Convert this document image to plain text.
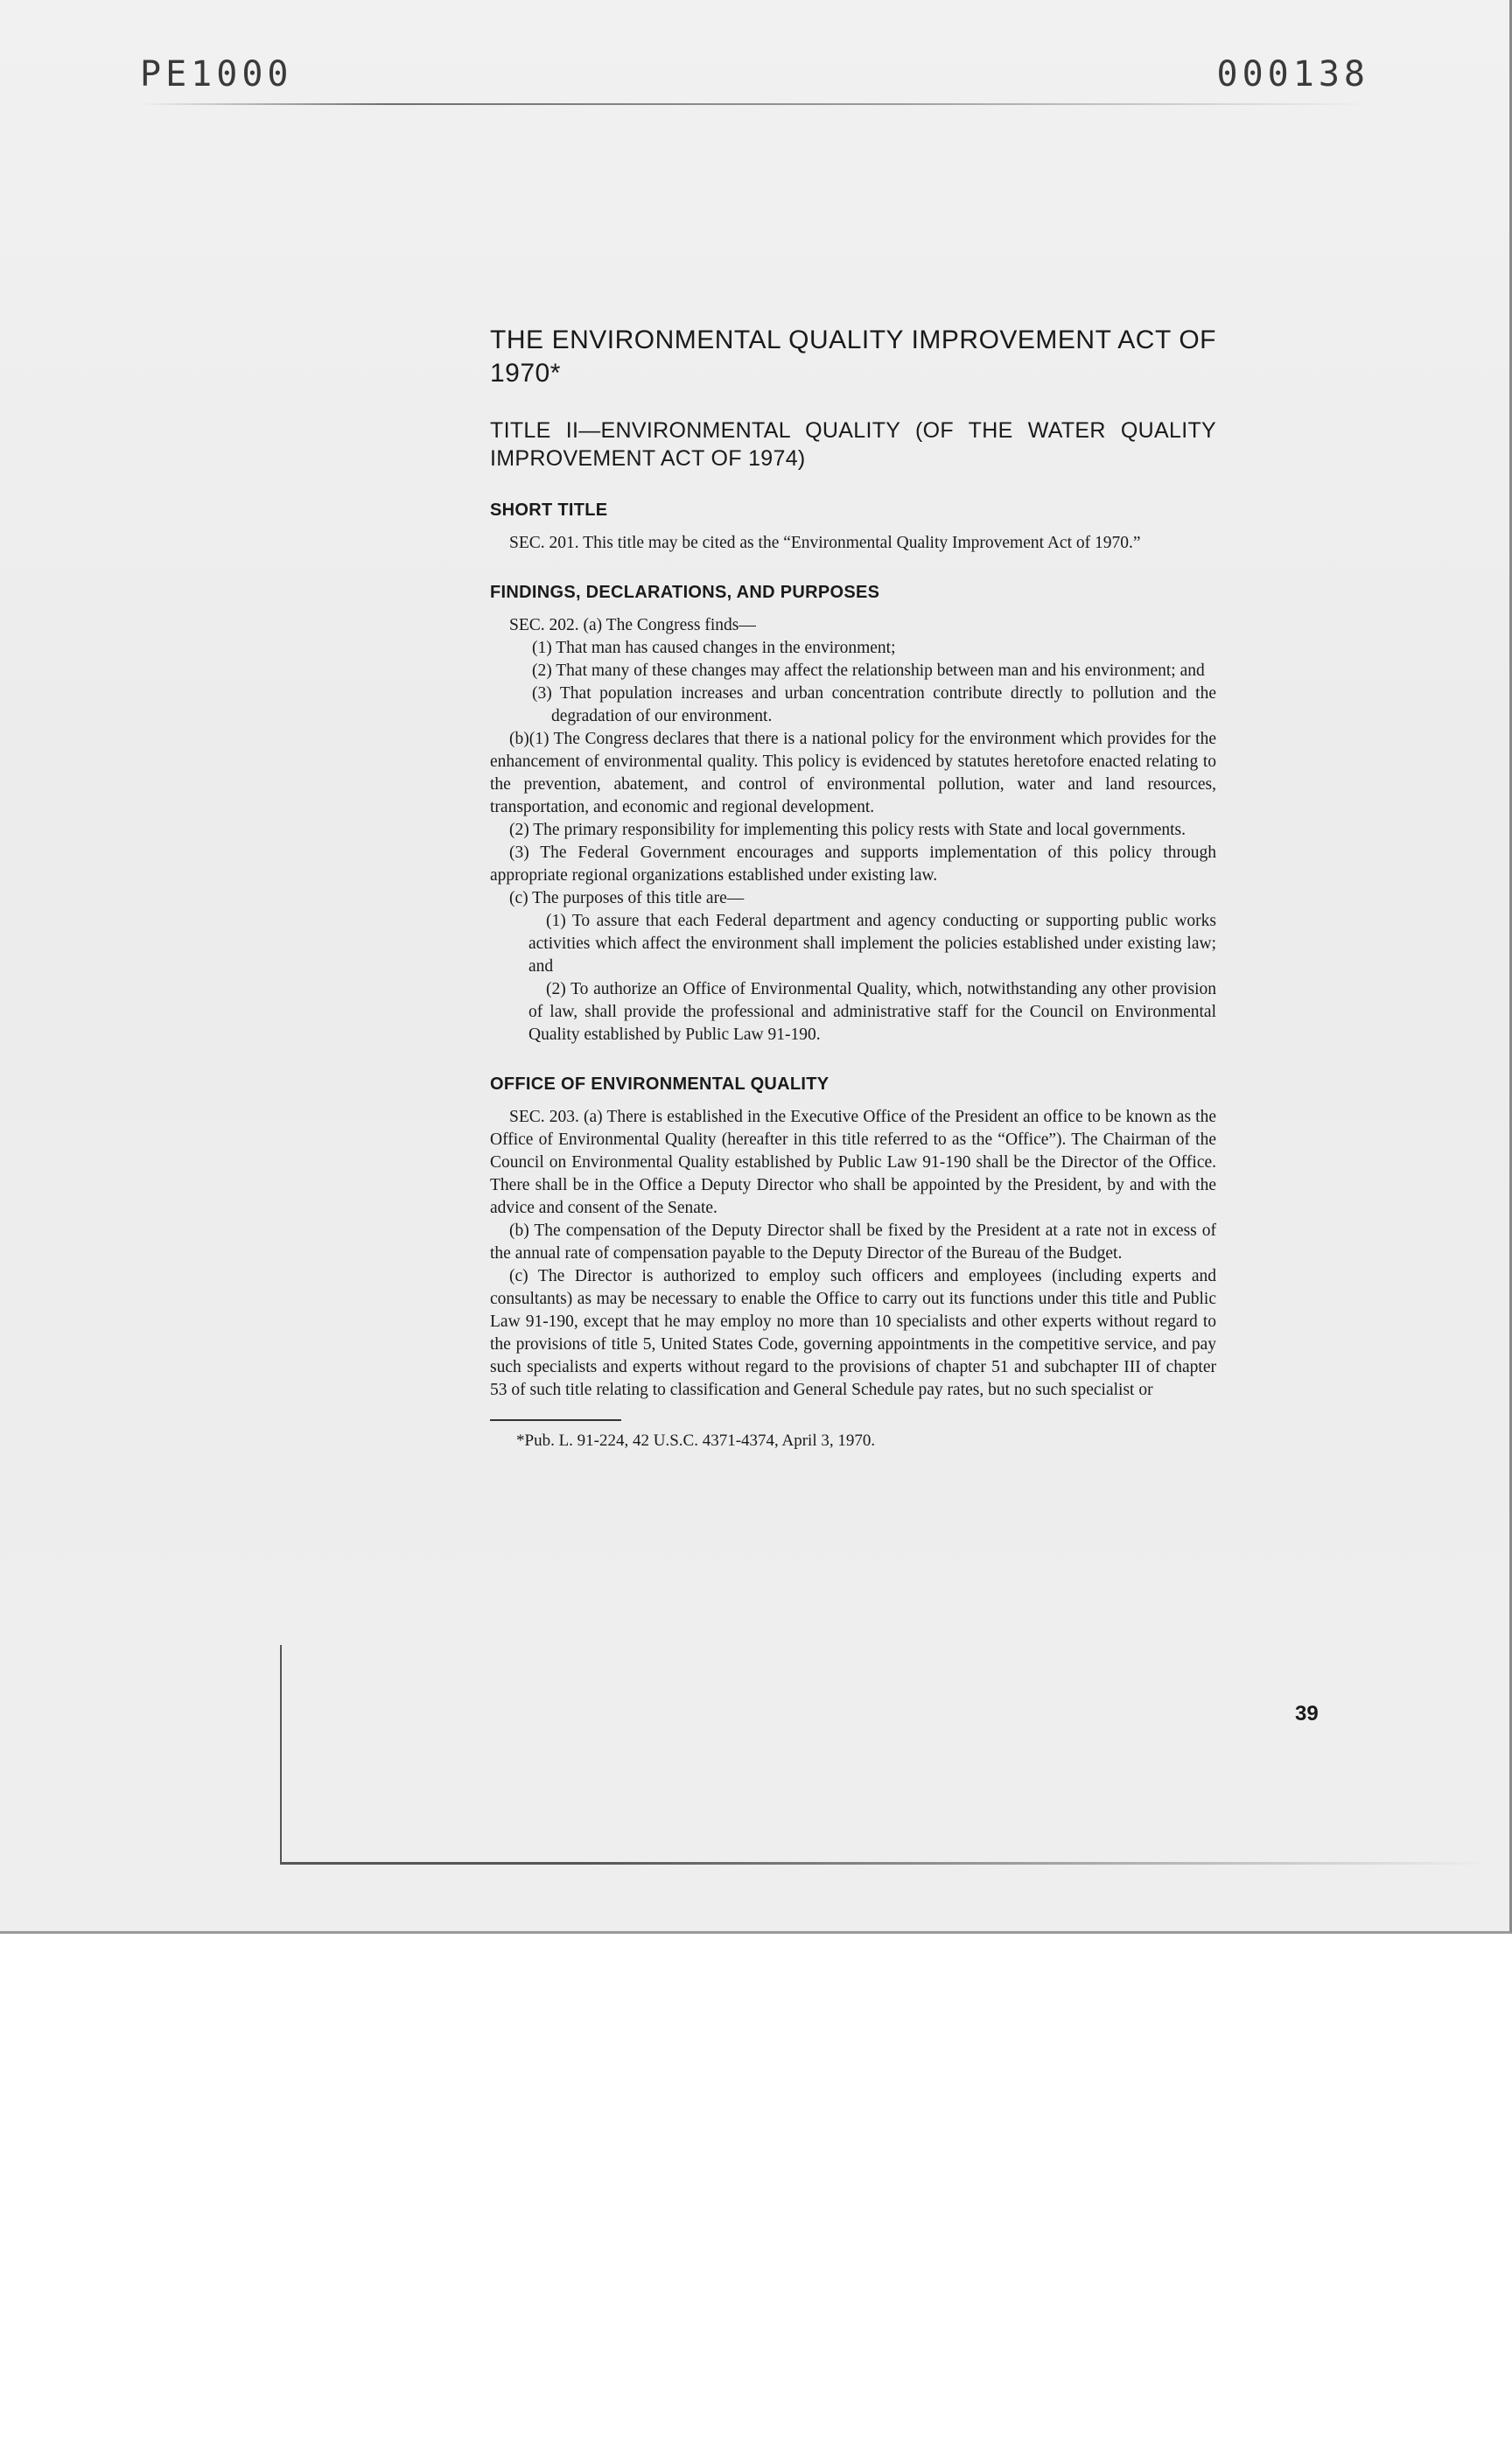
PE1000	000138
THE ENVIRONMENTAL QUALITY IMPROVEMENT ACT OF 1970*
TITLE II—ENVIRONMENTAL QUALITY (OF THE WATER QUALITY IMPROVEMENT ACT OF 1974)
SHORT TITLE

SEC. 201. This title may be cited as the “Environmental Quality Improvement Act of 1970.”

FINDINGS, DECLARATIONS, AND PURPOSES

SEC. 202. (a) The Congress finds—

(1) That man has caused changes in the environment;

(2) That many of these changes may affect the relationship between man and his environment; and

(3) That population increases and urban concentration contribute directly to pollution and the degradation of our environment.

(b)(1) The Congress declares that there is a national policy for the environment which provides for the enhancement of environmental quality. This policy is evidenced by statutes heretofore enacted relating to the prevention, abatement, and control of environmental pollution, water and land resources, transportation, and economic and regional development.

(2) The primary responsibility for implementing this policy rests with State and local governments.

(3) The Federal Government encourages and supports implementation of this policy through appropriate regional organizations established under existing law.

(c) The purposes of this title are—

(1) To assure that each Federal department and agency conducting or supporting public works activities which affect the environment shall implement the policies established under existing law; and

(2) To authorize an Office of Environmental Quality, which, notwithstanding any other provision of law, shall provide the professional and administrative staff for the Council on Environmental Quality established by Public Law 91-190.

OFFICE OF ENVIRONMENTAL QUALITY

SEC. 203. (a) There is established in the Executive Office of the President an office to be known as the Office of Environmental Quality (hereafter in this title referred to as the “Office”). The Chairman of the Council on Environmental Quality established by Public Law 91-190 shall be the Director of the Office. There shall be in the Office a Deputy Director who shall be appointed by the President, by and with the advice and consent of the Senate.

(b) The compensation of the Deputy Director shall be fixed by the President at a rate not in excess of the annual rate of compensation payable to the Deputy Director of the Bureau of the Budget.

(c) The Director is authorized to employ such officers and employees (including experts and consultants) as may be necessary to enable the Office to carry out its functions under this title and Public Law 91-190, except that he may employ no more than 10 specialists and other experts without regard to the provisions of title 5, United States Code, governing appointments in the competitive service, and pay such specialists and experts without regard to the provisions of chapter 51 and subchapter III of chapter 53 of such title relating to classification and General Schedule pay rates, but no such specialist or

*Pub. L. 91-224, 42 U.S.C. 4371-4374, April 3, 1970.

39
